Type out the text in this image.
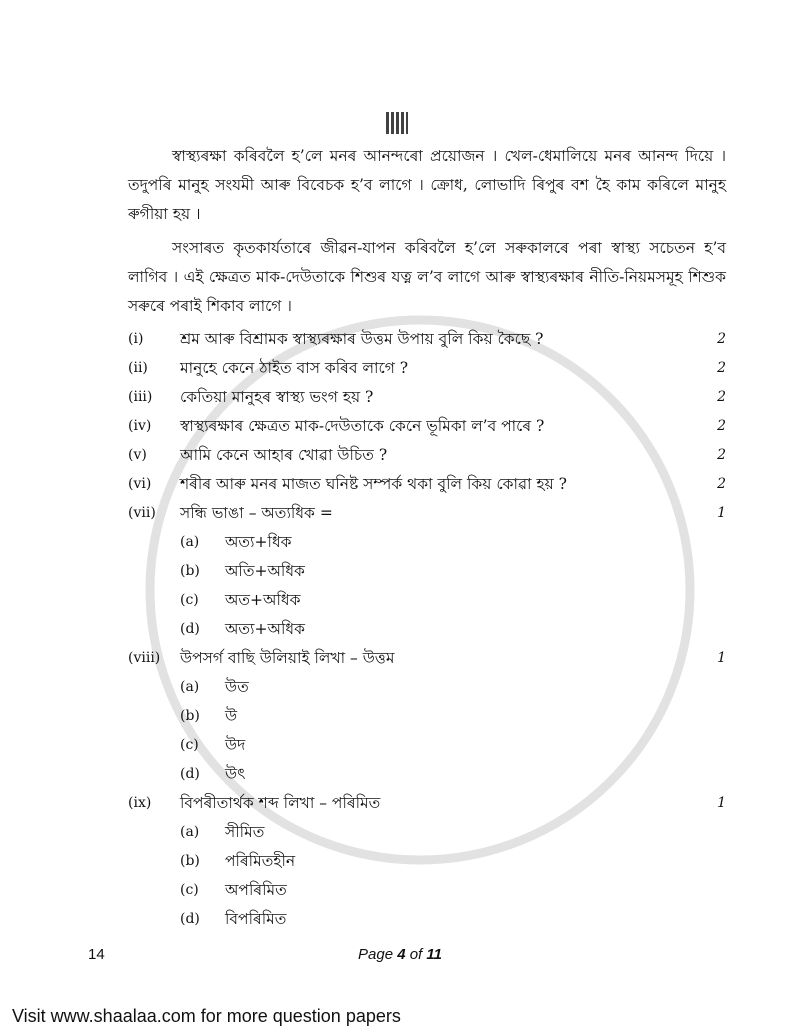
স্বাস্থ্যৰক্ষা কৰিবলৈ হ’লে মনৰ আনন্দৰো প্ৰয়োজন । খেল-ধেমালিয়ে মনৰ আনন্দ দিয়ে । তদুপৰি মানুহ সংযমী আৰু বিবেচক হ’ব লাগে । ক্ৰোধ, লোভাদি ৰিপুৰ বশ হৈ কাম কৰিলে মানুহ ৰুগীয়া হয় ।

সংসাৰত কৃতকাৰ্যতাৰে জীৱন-যাপন কৰিবলৈ হ’লে সৰুকালৰে পৰা স্বাস্থ্য সচেতন হ’ব লাগিব । এই ক্ষেত্ৰত মাক-দেউতাকে শিশুৰ যত্ন ল’ব লাগে আৰু স্বাস্থ্যৰক্ষাৰ নীতি-নিয়মসমূহ শিশুক সৰুৰে পৰাই শিকাব লাগে ।

(i)	শ্ৰম আৰু বিশ্ৰামক স্বাস্থ্যৰক্ষাৰ উত্তম উপায় বুলি কিয় কৈছে ?	2
(ii)	মানুহে কেনে ঠাইত বাস কৰিব লাগে ?	2
(iii)	কেতিয়া মানুহৰ স্বাস্থ্য ভংগ হয় ?	2
(iv)	স্বাস্থ্যৰক্ষাৰ ক্ষেত্ৰত মাক-দেউতাকে কেনে ভূমিকা ল’ব পাৰে ?	2
(v)	আমি কেনে আহাৰ খোৱা উচিত ?	2
(vi)	শৰীৰ আৰু মনৰ মাজত ঘনিষ্ট সম্পৰ্ক থকা বুলি কিয় কোৱা হয় ?	2
(vii)	সন্ধি ভাঙা – অত্যধিক =	1
(a)	অত্য+ধিক
(b)	অতি+অধিক
(c)	অত+অধিক
(d)	অত্য+অধিক
(viii)	উপসৰ্গ বাছি উলিয়াই লিখা – উত্তম	1
(a)	উত
(b)	উ
(c)	উদ
(d)	উৎ
(ix)	বিপৰীতাৰ্থক শব্দ লিখা – পৰিমিত	1
(a)	সীমিত
(b)	পৰিমিতহীন
(c)	অপৰিমিত
(d)	বিপৰিমিত
14	Page 4 of 11
Visit www.shaalaa.com for more question papers
